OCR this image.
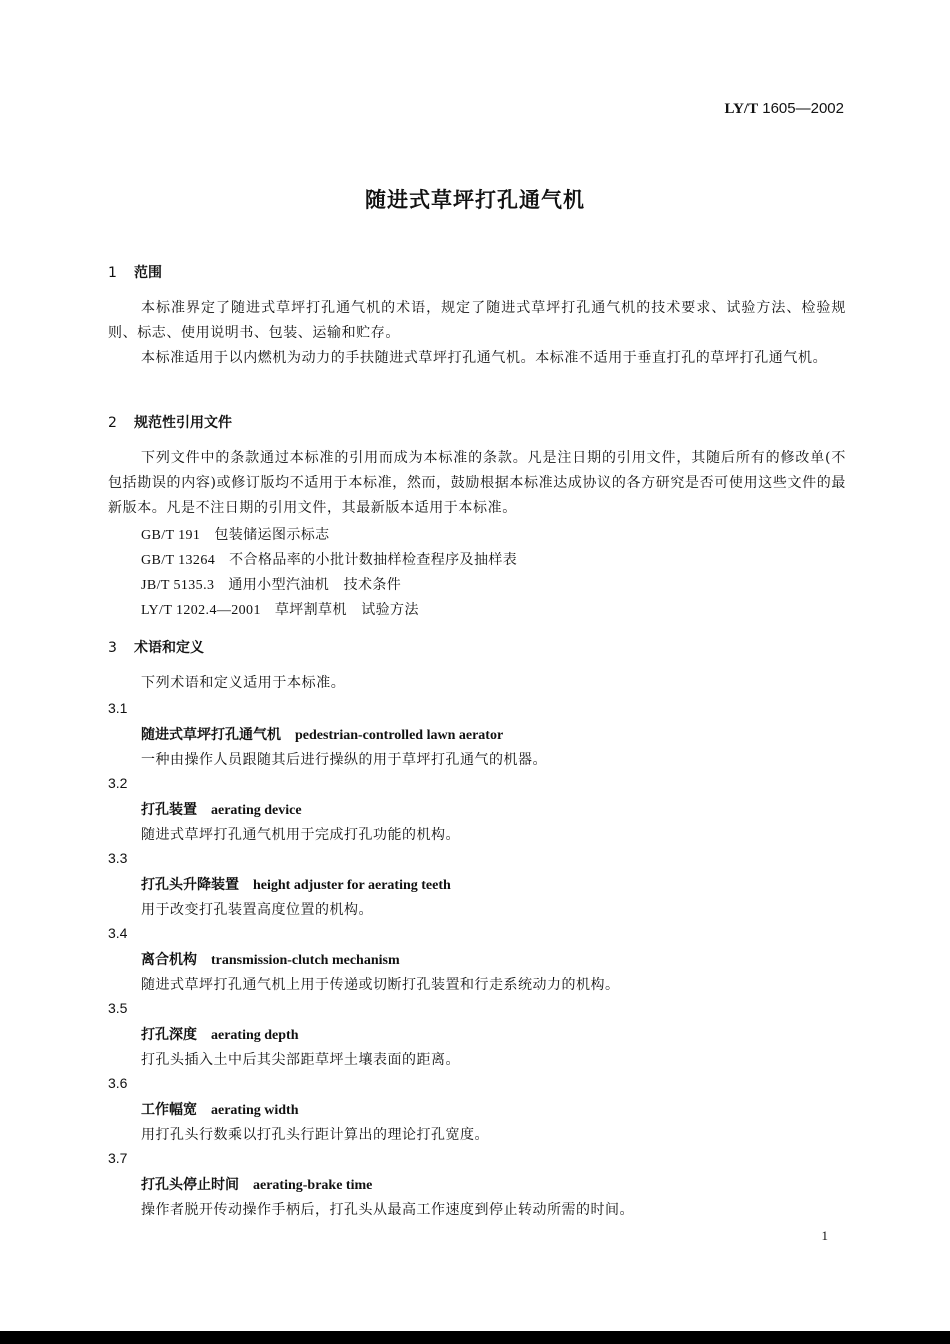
LY/T 1605—2002
随进式草坪打孔通气机
1 范围
本标准界定了随进式草坪打孔通气机的术语，规定了随进式草坪打孔通气机的技术要求、试验方法、检验规则、标志、使用说明书、包装、运输和贮存。
本标准适用于以内燃机为动力的手扶随进式草坪打孔通气机。本标准不适用于垂直打孔的草坪打孔通气机。
2 规范性引用文件
下列文件中的条款通过本标准的引用而成为本标准的条款。凡是注日期的引用文件，其随后所有的修改单(不包括勘误的内容)或修订版均不适用于本标准，然而，鼓励根据本标准达成协议的各方研究是否可使用这些文件的最新版本。凡是不注日期的引用文件，其最新版本适用于本标准。
GB/T 191 包装储运图示标志
GB/T 13264 不合格品率的小批计数抽样检查程序及抽样表
JB/T 5135.3 通用小型汽油机　技术条件
LY/T 1202.4—2001 草坪割草机　试验方法
3 术语和定义
下列术语和定义适用于本标准。
3.1
随进式草坪打孔通气机 pedestrian-controlled lawn aerator
一种由操作人员跟随其后进行操纵的用于草坪打孔通气的机器。
3.2
打孔装置 aerating device
随进式草坪打孔通气机用于完成打孔功能的机构。
3.3
打孔头升降装置 height adjuster for aerating teeth
用于改变打孔装置高度位置的机构。
3.4
离合机构 transmission-clutch mechanism
随进式草坪打孔通气机上用于传递或切断打孔装置和行走系统动力的机构。
3.5
打孔深度 aerating depth
打孔头插入土中后其尖部距草坪土壤表面的距离。
3.6
工作幅宽 aerating width
用打孔头行数乘以打孔头行距计算出的理论打孔宽度。
3.7
打孔头停止时间 aerating-brake time
操作者脱开传动操作手柄后，打孔头从最高工作速度到停止转动所需的时间。
1
